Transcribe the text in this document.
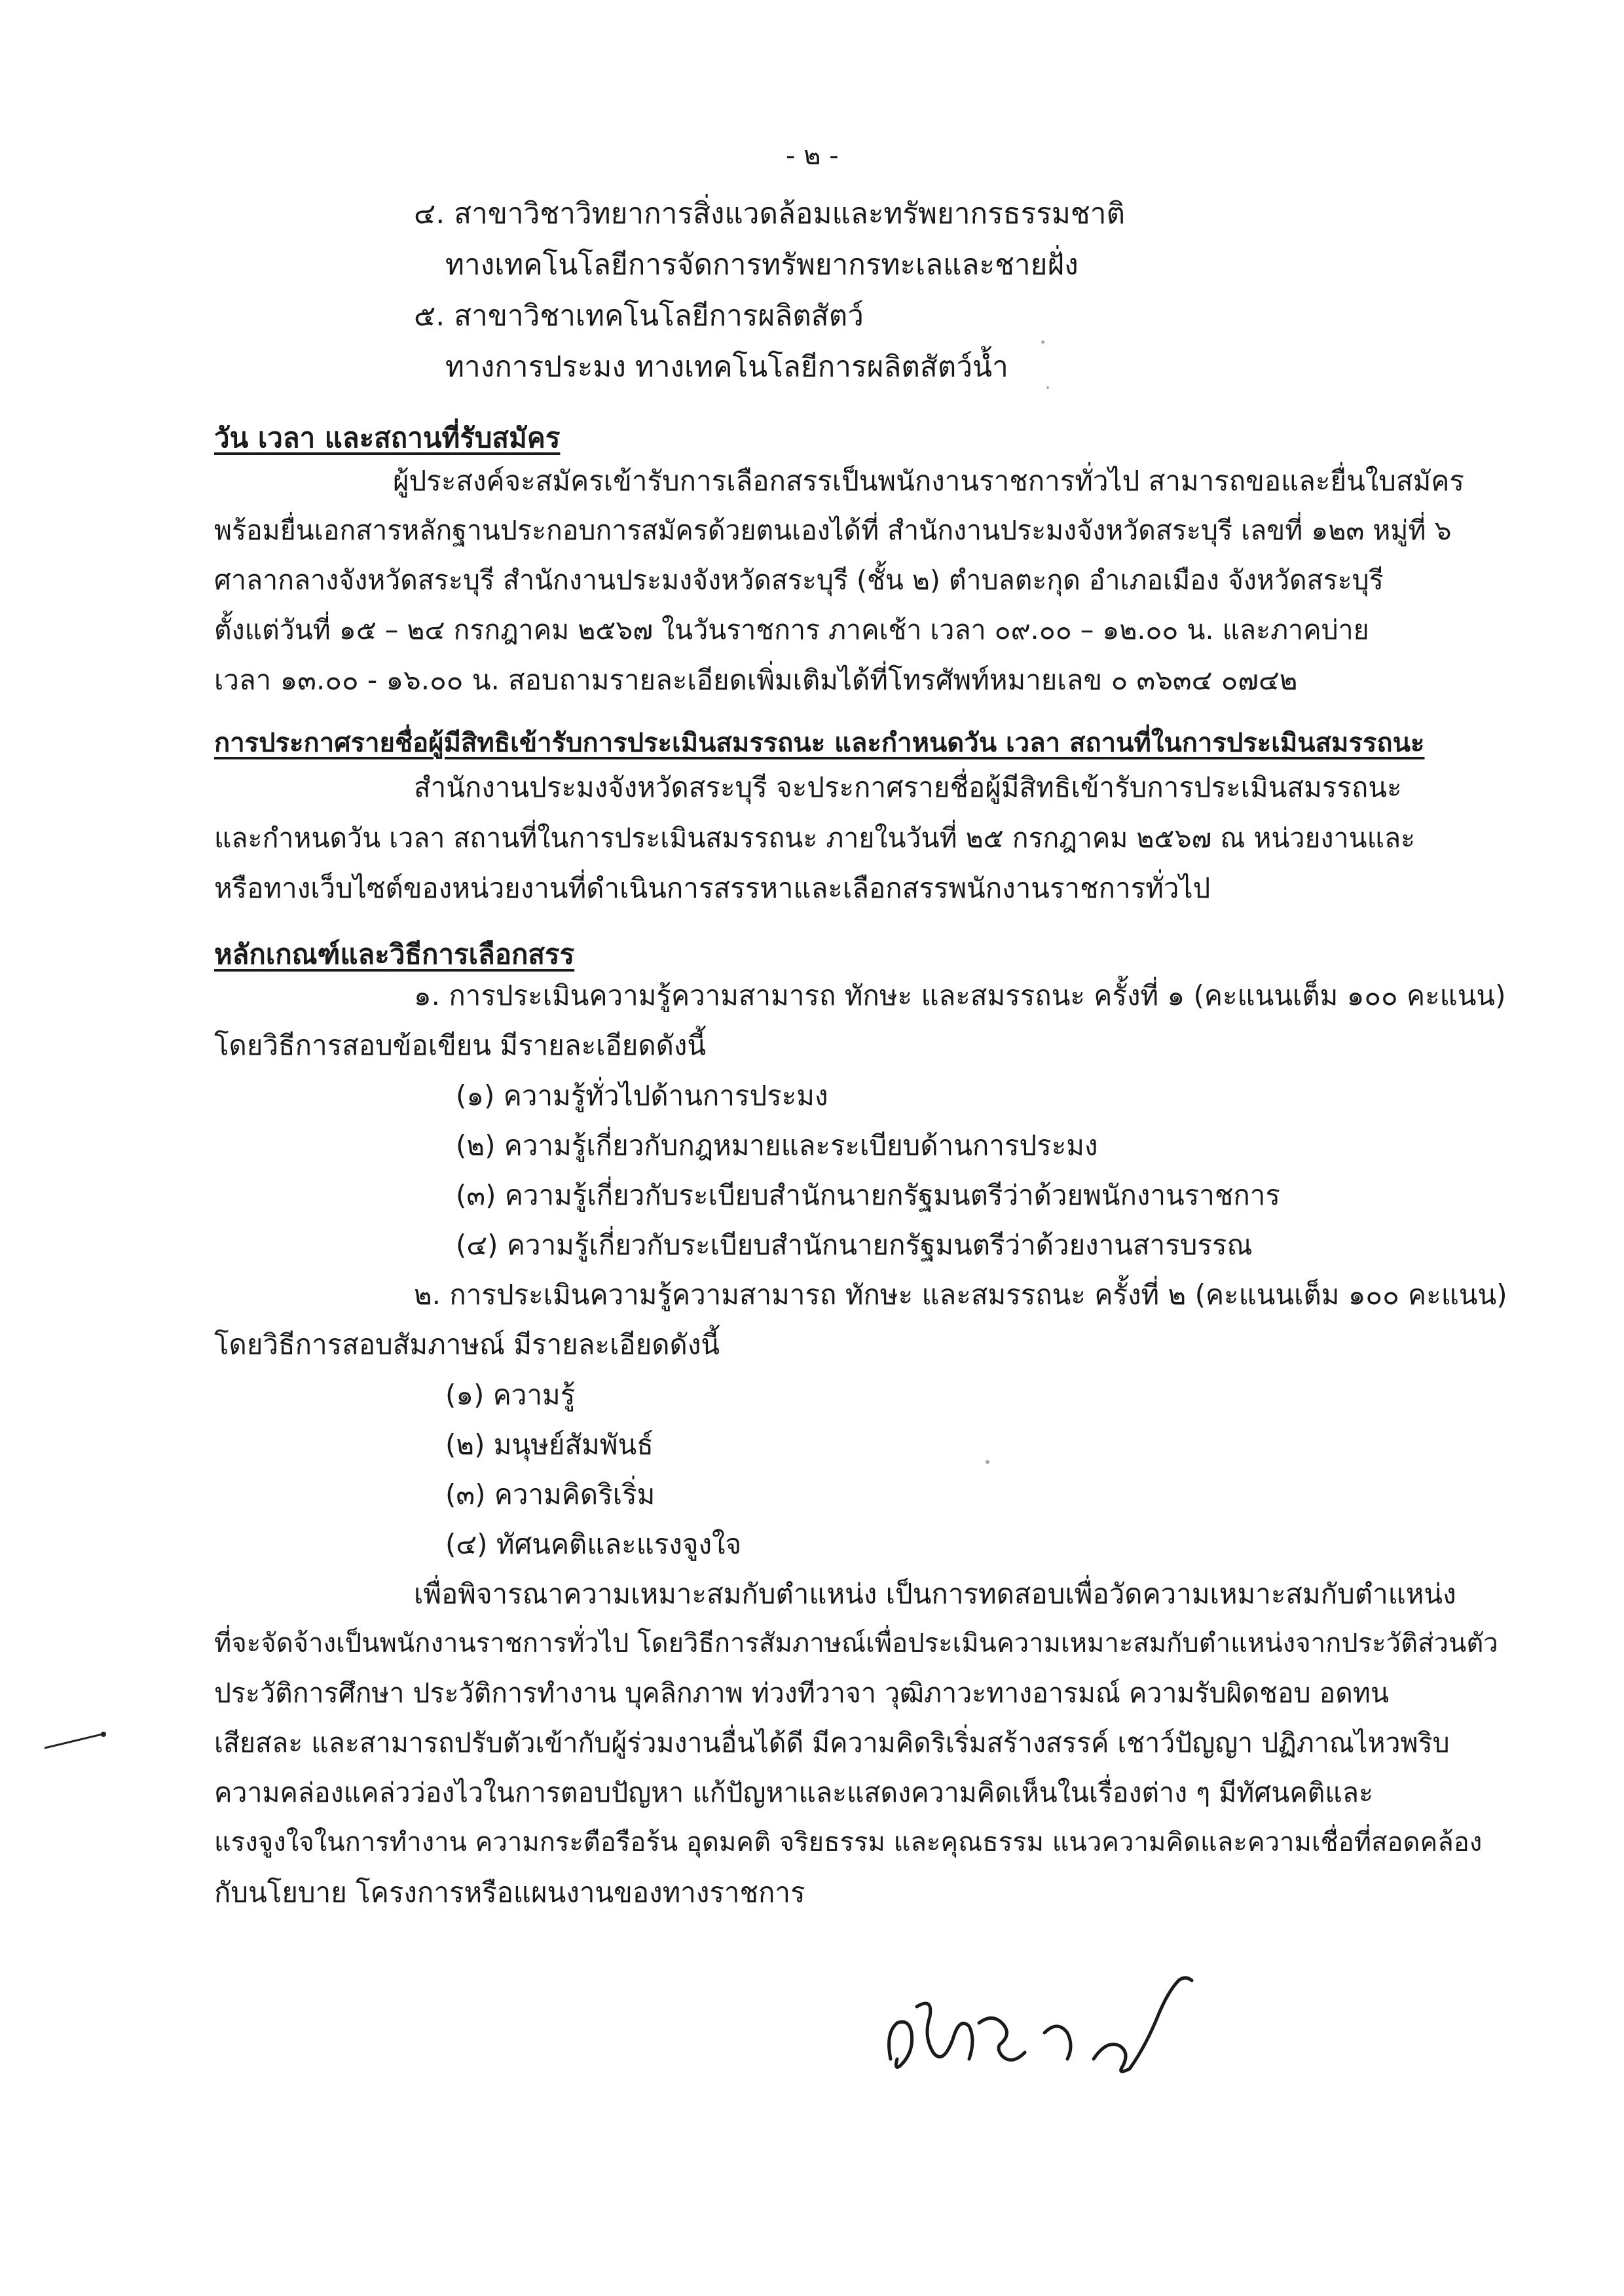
- ๒ -
๔. สาขาวิชาวิทยาการสิ่งแวดล้อมและทรัพยากรธรรมชาติ
ทางเทคโนโลยีการจัดการทรัพยากรทะเลและชายฝั่ง
๕. สาขาวิชาเทคโนโลยีการผลิตสัตว์
ทางการประมง ทางเทคโนโลยีการผลิตสัตว์น้ำ
วัน เวลา และสถานที่รับสมัคร
ผู้ประสงค์จะสมัครเข้ารับการเลือกสรรเป็นพนักงานราชการทั่วไป สามารถขอและยื่นใบสมัคร
พร้อมยื่นเอกสารหลักฐานประกอบการสมัครด้วยตนเองได้ที่ สำนักงานประมงจังหวัดสระบุรี เลขที่ ๑๒๓ หมู่ที่ ๖
ศาลากลางจังหวัดสระบุรี สำนักงานประมงจังหวัดสระบุรี (ชั้น ๒) ตำบลตะกุด อำเภอเมือง จังหวัดสระบุรี
ตั้งแต่วันที่ ๑๕ – ๒๔ กรกฎาคม ๒๕๖๗ ในวันราชการ ภาคเช้า เวลา ๐๙.๐๐ – ๑๒.๐๐ น. และภาคบ่าย
เวลา ๑๓.๐๐ - ๑๖.๐๐ น. สอบถามรายละเอียดเพิ่มเติมได้ที่โทรศัพท์หมายเลข ๐ ๓๖๓๔ ๐๗๔๒
การประกาศรายชื่อผู้มีสิทธิเข้ารับการประเมินสมรรถนะ และกำหนดวัน เวลา สถานที่ในการประเมินสมรรถนะ
สำนักงานประมงจังหวัดสระบุรี จะประกาศรายชื่อผู้มีสิทธิเข้ารับการประเมินสมรรถนะ
และกำหนดวัน เวลา สถานที่ในการประเมินสมรรถนะ ภายในวันที่ ๒๕ กรกฎาคม ๒๕๖๗ ณ หน่วยงานและ
หรือทางเว็บไซต์ของหน่วยงานที่ดำเนินการสรรหาและเลือกสรรพนักงานราชการทั่วไป
หลักเกณฑ์และวิธีการเลือกสรร
๑. การประเมินความรู้ความสามารถ ทักษะ และสมรรถนะ ครั้งที่ ๑ (คะแนนเต็ม ๑๐๐ คะแนน)
โดยวิธีการสอบข้อเขียน มีรายละเอียดดังนี้
(๑) ความรู้ทั่วไปด้านการประมง
(๒) ความรู้เกี่ยวกับกฎหมายและระเบียบด้านการประมง
(๓) ความรู้เกี่ยวกับระเบียบสำนักนายกรัฐมนตรีว่าด้วยพนักงานราชการ
(๔) ความรู้เกี่ยวกับระเบียบสำนักนายกรัฐมนตรีว่าด้วยงานสารบรรณ
๒. การประเมินความรู้ความสามารถ ทักษะ และสมรรถนะ ครั้งที่ ๒ (คะแนนเต็ม ๑๐๐ คะแนน)
โดยวิธีการสอบสัมภาษณ์ มีรายละเอียดดังนี้
(๑) ความรู้
(๒) มนุษย์สัมพันธ์
(๓) ความคิดริเริ่ม
(๔) ทัศนคติและแรงจูงใจ
เพื่อพิจารณาความเหมาะสมกับตำแหน่ง เป็นการทดสอบเพื่อวัดความเหมาะสมกับตำแหน่ง
ที่จะจัดจ้างเป็นพนักงานราชการทั่วไป โดยวิธีการสัมภาษณ์เพื่อประเมินความเหมาะสมกับตำแหน่งจากประวัติส่วนตัว
ประวัติการศึกษา ประวัติการทำงาน บุคลิกภาพ ท่วงทีวาจา วุฒิภาวะทางอารมณ์ ความรับผิดชอบ อดทน
เสียสละ และสามารถปรับตัวเข้ากับผู้ร่วมงานอื่นได้ดี มีความคิดริเริ่มสร้างสรรค์ เชาว์ปัญญา ปฏิภาณไหวพริบ
ความคล่องแคล่วว่องไวในการตอบปัญหา แก้ปัญหาและแสดงความคิดเห็นในเรื่องต่าง ๆ มีทัศนคติและ
แรงจูงใจในการทำงาน ความกระตือรือร้น อุดมคติ จริยธรรม และคุณธรรม แนวความคิดและความเชื่อที่สอดคล้อง
กับนโยบาย โครงการหรือแผนงานของทางราชการ
เธรา ว
